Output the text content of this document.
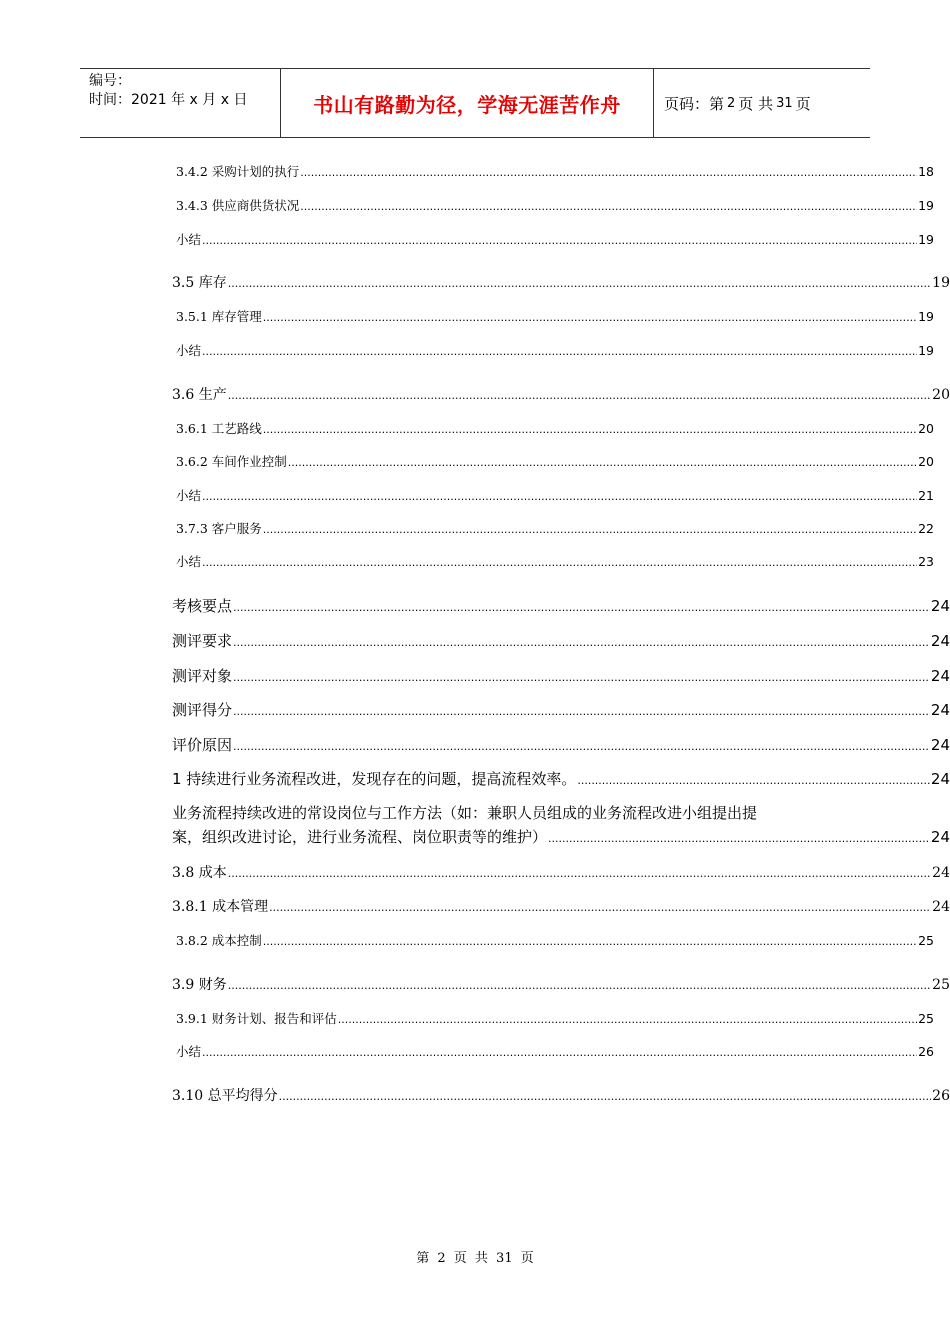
编号：
时间：2021 年 x 月 x 日	书山有路勤为径，学海无涯苦作舟	页码：第 2 页 共 31 页
3.4.2 采购计划的执行 .....	18
3.4.3 供应商供货状况 .....	19
小结 .....	19
3.5 库存 .....	19
3.5.1 库存管理 .....	19
小结 .....	19
3.6 生产 .....	20
3.6.1 工艺路线 .....	20
3.6.2 车间作业控制 .....	20
小结 .....	21
3.7.3 客户服务 .....	22
小结 .....	23
考核要点 .....	24
测评要求 .....	24
测评对象 .....	24
测评得分 .....	24
评价原因 .....	24
1 持续进行业务流程改进，发现存在的问题，提高流程效率。 .....	24
业务流程持续改进的常设岗位与工作方法（如：兼职人员组成的业务流程改进小组提出提
案，组织改进讨论，进行业务流程、岗位职责等的维护） .....	24
3.8 成本 .....	24
3.8.1 成本管理 .....	24
3.8.2 成本控制 .....	25
3.9 财务 .....	25
3.9.1 财务计划、报告和评估 .....	25
小结 .....	26
3.10 总平均得分 .....	26
第 2 页 共 31 页
